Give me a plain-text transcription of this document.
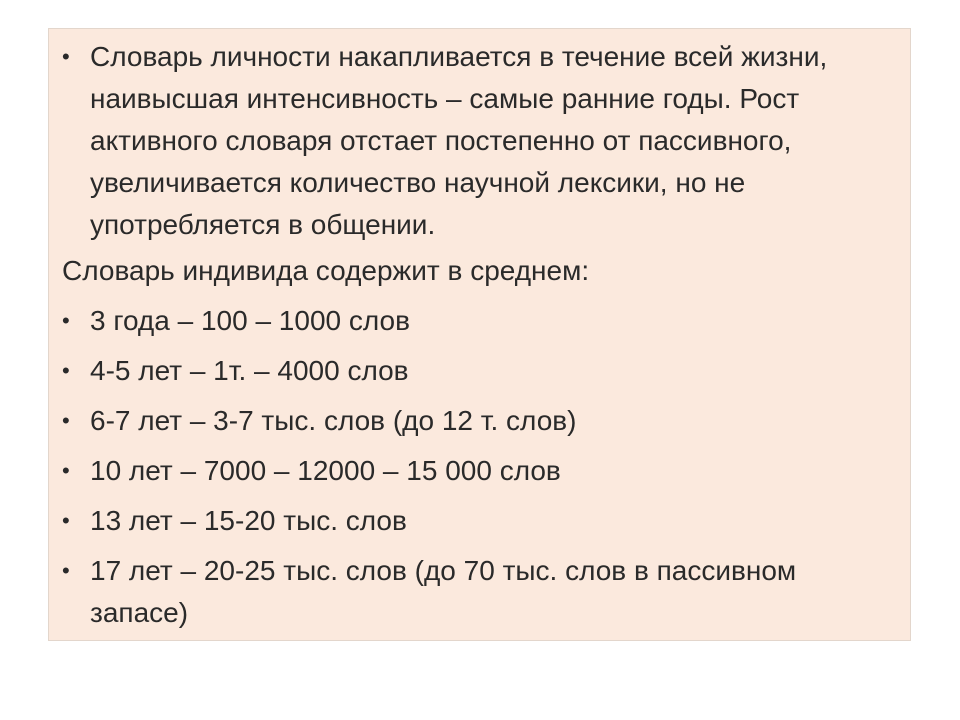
• Словарь личности накапливается в течение всей жизни, наивысшая интенсивность – самые ранние годы. Рост активного словаря отстает постепенно от пассивного, увеличивается количество научной лексики, но не употребляется в общении.
Словарь индивида содержит в среднем:
• 3 года – 100 – 1000 слов
• 4-5 лет – 1т. – 4000 слов
• 6-7 лет – 3-7 тыс. слов (до 12 т. слов)
• 10 лет – 7000 – 12000 – 15 000 слов
• 13 лет – 15-20 тыс. слов
• 17 лет – 20-25 тыс. слов (до 70 тыс. слов в пассивном запасе)
